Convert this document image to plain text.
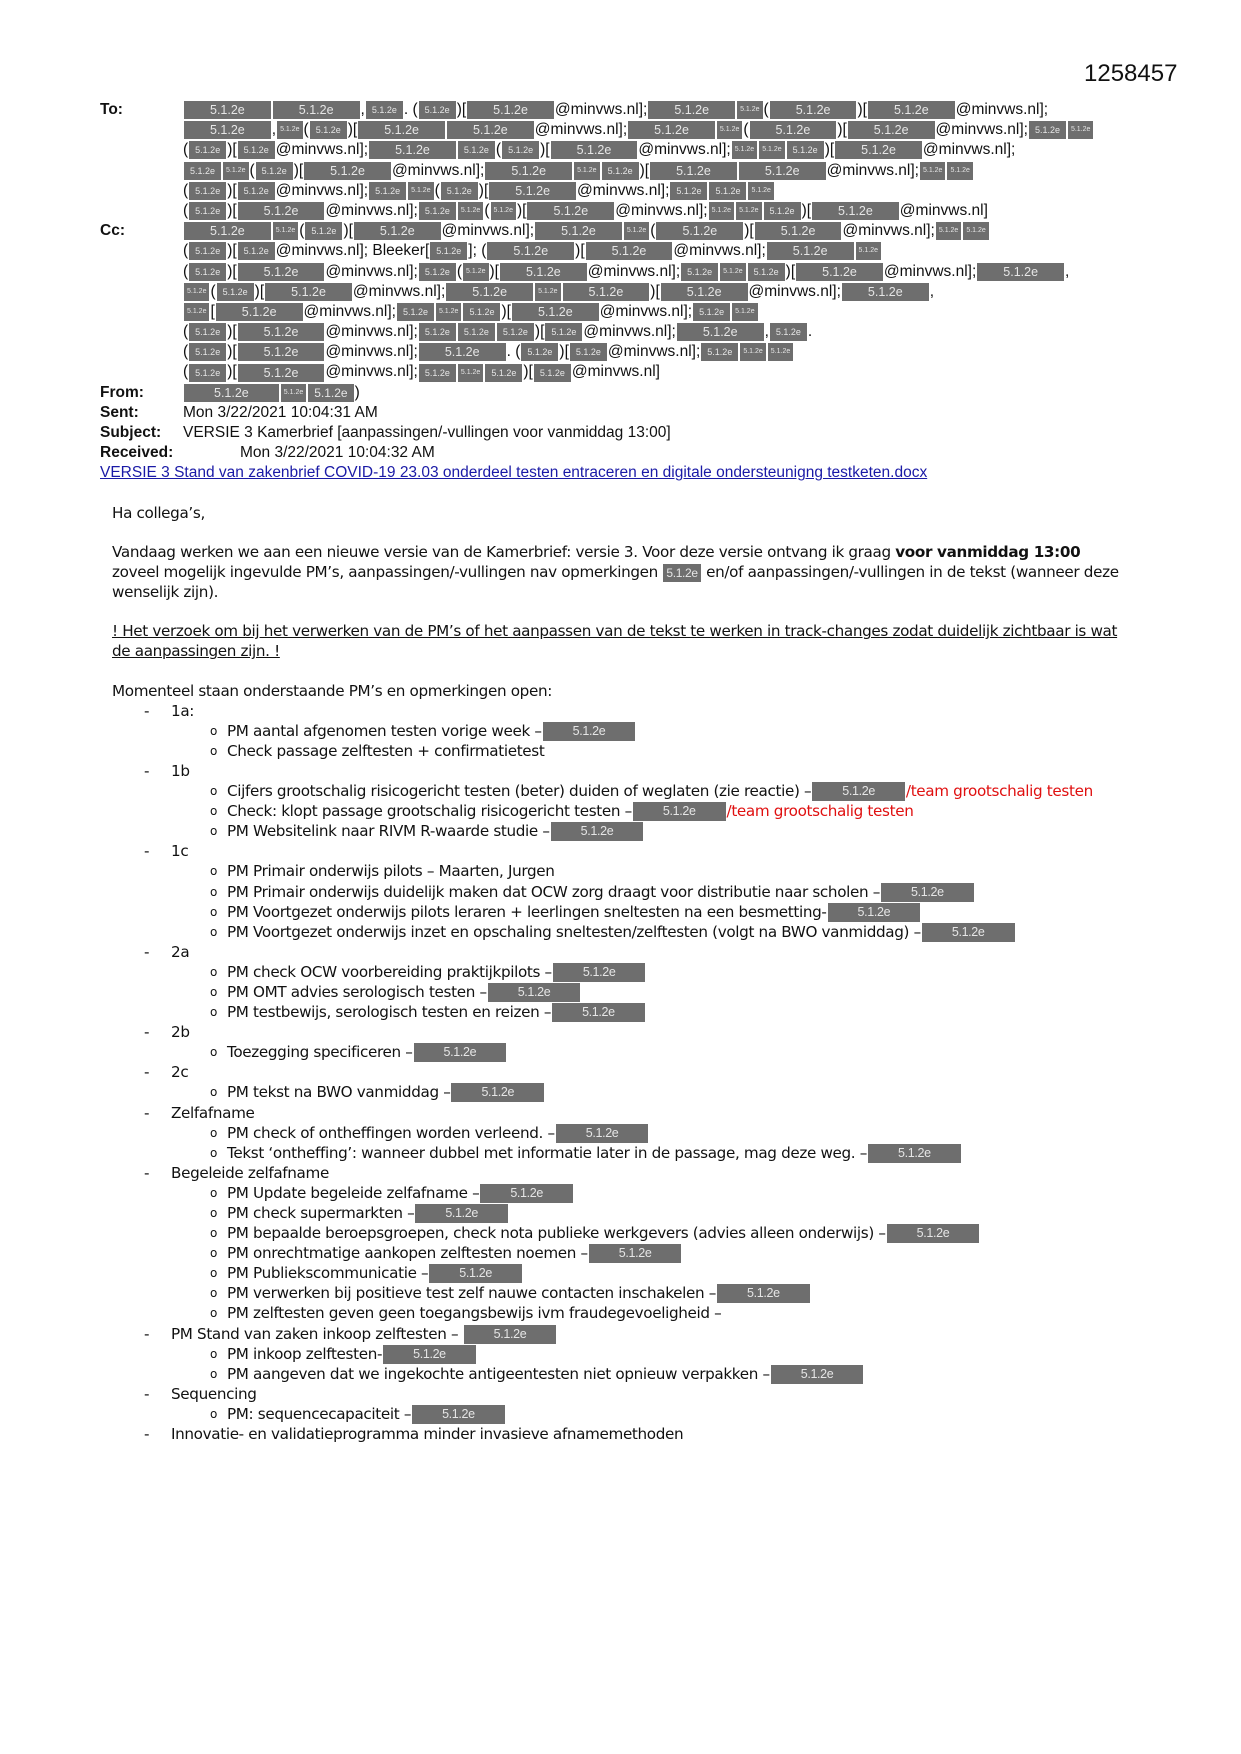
1258457
To:	5.1.2e	5.1.2e	, 5.1.2e . ( 5.1.2e )[	5.1.2e	@minvws.nl];	5.1.2e	5.1.2e (	5.1.2e	)[	5.1.2e	@minvws.nl];
5.1.2e	, 5.1.2e ( 5.1.2e )[	5.1.2e	5.1.2e	@minvws.nl];	5.1.2e	5.1.2e (	5.1.2e	)[	5.1.2e	@minvws.nl]; 5.1.2e	5.1.2e
( 5.1.2e )[ 5.1.2e @minvws.nl];	5.1.2e	5.1.2e ( 5.1.2e )[	5.1.2e	@minvws.nl]; 5.1.2e	5.1.2e	5.1.2e )[	5.1.2e	@minvws.nl];
5.1.2e	5.1.2e ( 5.1.2e )[	5.1.2e	@minvws.nl];	5.1.2e	5.1.2e	5.1.2e )[	5.1.2e	5.1.2e	@minvws.nl]; 5.1.2e	5.1.2e
( 5.1.2e )[ 5.1.2e @minvws.nl]; 5.1.2e	5.1.2e ( 5.1.2e )[	5.1.2e	@minvws.nl]; 5.1.2e	5.1.2e	5.1.2e
( 5.1.2e )[	5.1.2e	@minvws.nl]; 5.1.2e	5.1.2e ( 5.1.2e )[	5.1.2e	@minvws.nl]; 5.1.2e	5.1.2e	5.1.2e )[	5.1.2e	@minvws.nl]
Cc:	5.1.2e	5.1.2e ( 5.1.2e )[	5.1.2e	@minvws.nl];	5.1.2e	5.1.2e (	5.1.2e	)[	5.1.2e	@minvws.nl]; 5.1.2e	5.1.2e
( 5.1.2e )[ 5.1.2e @minvws.nl]; Bleeker[ 5.1.2e ]; (	5.1.2e	)[	5.1.2e	@minvws.nl];	5.1.2e	5.1.2e
( 5.1.2e )[	5.1.2e	@minvws.nl]; 5.1.2e ( 5.1.2e )[	5.1.2e	@minvws.nl]; 5.1.2e	5.1.2e	5.1.2e )[	5.1.2e	@minvws.nl];	5.1.2e	,
5.1.2e ( 5.1.2e )[	5.1.2e	@minvws.nl];	5.1.2e	5.1.2e	5.1.2e	)[	5.1.2e	@minvws.nl];	5.1.2e	,
5.1.2e [	5.1.2e	@minvws.nl]; 5.1.2e	5.1.2e	5.1.2e )[	5.1.2e	@minvws.nl]; 5.1.2e	5.1.2e
( 5.1.2e )[	5.1.2e	@minvws.nl]; 5.1.2e	5.1.2e	5.1.2e )[ 5.1.2e @minvws.nl];	5.1.2e	, 5.1.2e .
( 5.1.2e )[	5.1.2e	@minvws.nl];	5.1.2e	. ( 5.1.2e )[ 5.1.2e @minvws.nl]; 5.1.2e	5.1.2e	5.1.2e
( 5.1.2e )[	5.1.2e	@minvws.nl]; 5.1.2e	5.1.2e	5.1.2e )[ 5.1.2e @minvws.nl]
From:	5.1.2e	5.1.2e 5.1.2e )
Sent:	Mon 3/22/2021 10:04:31 AM
Subject:	VERSIE 3 Kamerbrief [aanpassingen/-vullingen voor vanmiddag 13:00]
Received:	Mon 3/22/2021 10:04:32 AM
VERSIE 3 Stand van zakenbrief COVID-19 23.03 onderdeel testen entraceren en digitale ondersteunigng testketen.docx

Ha collega’s,

Vandaag werken we aan een nieuwe versie van de Kamerbrief: versie 3. Voor deze versie ontvang ik graag voor vanmiddag 13:00 zoveel mogelijk ingevulde PM’s, aanpassingen/-vullingen nav opmerkingen 5.1.2e en/of aanpassingen/-vullingen in de tekst (wanneer deze wenselijk zijn).

! Het verzoek om bij het verwerken van de PM’s of het aanpassen van de tekst te werken in track-changes zodat duidelijk zichtbaar is wat de aanpassingen zijn. !

Momenteel staan onderstaande PM’s en opmerkingen open:

-	1a:
o PM aantal afgenomen testen vorige week – 5.1.2e
o Check passage zelftesten + confirmatietest
-	1b
o Cijfers grootschalig risicogericht testen (beter) duiden of weglaten (zie reactie) – 5.1.2e /team grootschalig testen
o Check: klopt passage grootschalig risicogericht testen – 5.1.2e /team grootschalig testen
o PM Websitelink naar RIVM R-waarde studie – 5.1.2e
-	1c
o PM Primair onderwijs pilots – Maarten, Jurgen
o PM Primair onderwijs duidelijk maken dat OCW zorg draagt voor distributie naar scholen – 5.1.2e
o PM Voortgezet onderwijs pilots leraren + leerlingen sneltesten na een besmetting- 5.1.2e
o PM Voortgezet onderwijs inzet en opschaling sneltesten/zelftesten (volgt na BWO vanmiddag) – 5.1.2e
-	2a
o PM check OCW voorbereiding praktijkpilots – 5.1.2e
o PM OMT advies serologisch testen – 5.1.2e
o PM testbewijs, serologisch testen en reizen – 5.1.2e
-	2b
o Toezegging specificeren – 5.1.2e
-	2c
o PM tekst na BWO vanmiddag – 5.1.2e
-	Zelfafname
o PM check of ontheffingen worden verleend. – 5.1.2e
o Tekst ‘ontheffing’: wanneer dubbel met informatie later in de passage, mag deze weg. – 5.1.2e
-	Begeleide zelfafname
o PM Update begeleide zelfafname – 5.1.2e
o PM check supermarkten – 5.1.2e
o PM bepaalde beroepsgroepen, check nota publieke werkgevers (advies alleen onderwijs) – 5.1.2e
o PM onrechtmatige aankopen zelftesten noemen – 5.1.2e
o PM Publiekscommunicatie – 5.1.2e
o PM verwerken bij positieve test zelf nauwe contacten inschakelen – 5.1.2e
o PM zelftesten geven geen toegangsbewijs ivm fraudegevoeligheid –
-	PM Stand van zaken inkoop zelftesten –	5.1.2e
o PM inkoop zelftesten- 5.1.2e
o PM aangeven dat we ingekochte antigeentesten niet opnieuw verpakken – 5.1.2e
-	Sequencing
o PM: sequencecapaciteit – 5.1.2e
-	Innovatie- en validatieprogramma minder invasieve afnamemethoden
